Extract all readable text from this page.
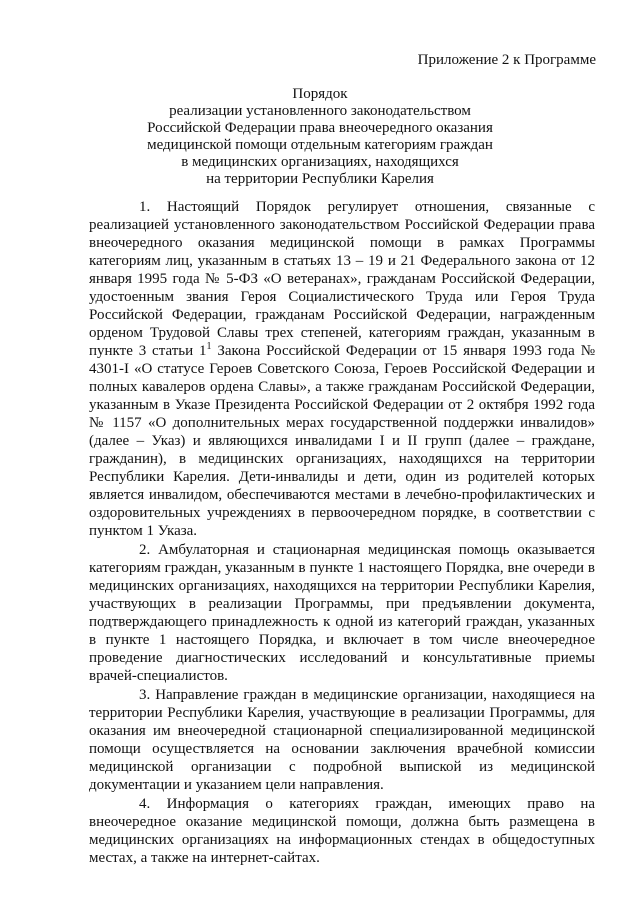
Приложение 2 к Программе
Порядок
реализации установленного законодательством
Российской Федерации права внеочередного оказания
медицинской помощи отдельным категориям граждан
в медицинских организациях, находящихся
на территории Республики Карелия

1. Настоящий Порядок регулирует отношения, связанные с реализацией установленного законодательством Российской Федерации права внеочередного оказания медицинской помощи в рамках Программы категориям лиц, указанным в статьях 13 – 19 и 21 Федерального закона от 12 января 1995 года № 5-ФЗ «О ветеранах», гражданам Российской Федерации, удостоенным звания Героя Социалистического Труда или Героя Труда Российской Федерации, гражданам Российской Федерации, награжденным орденом Трудовой Славы трех степеней, категориям граждан, указанным в пункте 3 статьи $1^1$ Закона Российской Федерации от 15 января 1993 года № 4301-I «О статусе Героев Советского Союза, Героев Российской Федерации и полных кавалеров ордена Славы», а также гражданам Российской Федерации, указанным в Указе Президента Российской Федерации от 2 октября 1992 года № 1157 «О дополнительных мерах государственной поддержки инвалидов» (далее – Указ) и являющихся инвалидами I и II групп (далее – граждане, гражданин), в медицинских организациях, находящихся на территории Республики Карелия. Дети-инвалиды и дети, один из родителей которых является инвалидом, обеспечиваются местами в лечебно-профилактических и оздоровительных учреждениях в первоочередном порядке, в соответствии с пунктом 1 Указа.

2. Амбулаторная и стационарная медицинская помощь оказывается категориям граждан, указанным в пункте 1 настоящего Порядка, вне очереди в медицинских организациях, находящихся на территории Республики Карелия, участвующих в реализации Программы, при предъявлении документа, подтверждающего принадлежность к одной из категорий граждан, указанных в пункте 1 настоящего Порядка, и включает в том числе внеочередное проведение диагностических исследований и консультативные приемы врачей-специалистов.

3. Направление граждан в медицинские организации, находящиеся на территории Республики Карелия, участвующие в реализации Программы, для оказания им внеочередной стационарной специализированной медицинской помощи осуществляется на основании заключения врачебной комиссии медицинской организации с подробной выпиской из медицинской документации и указанием цели направления.

4. Информация о категориях граждан, имеющих право на внеочередное оказание медицинской помощи, должна быть размещена в медицинских организациях на информационных стендах в общедоступных местах, а также на интернет-сайтах.
